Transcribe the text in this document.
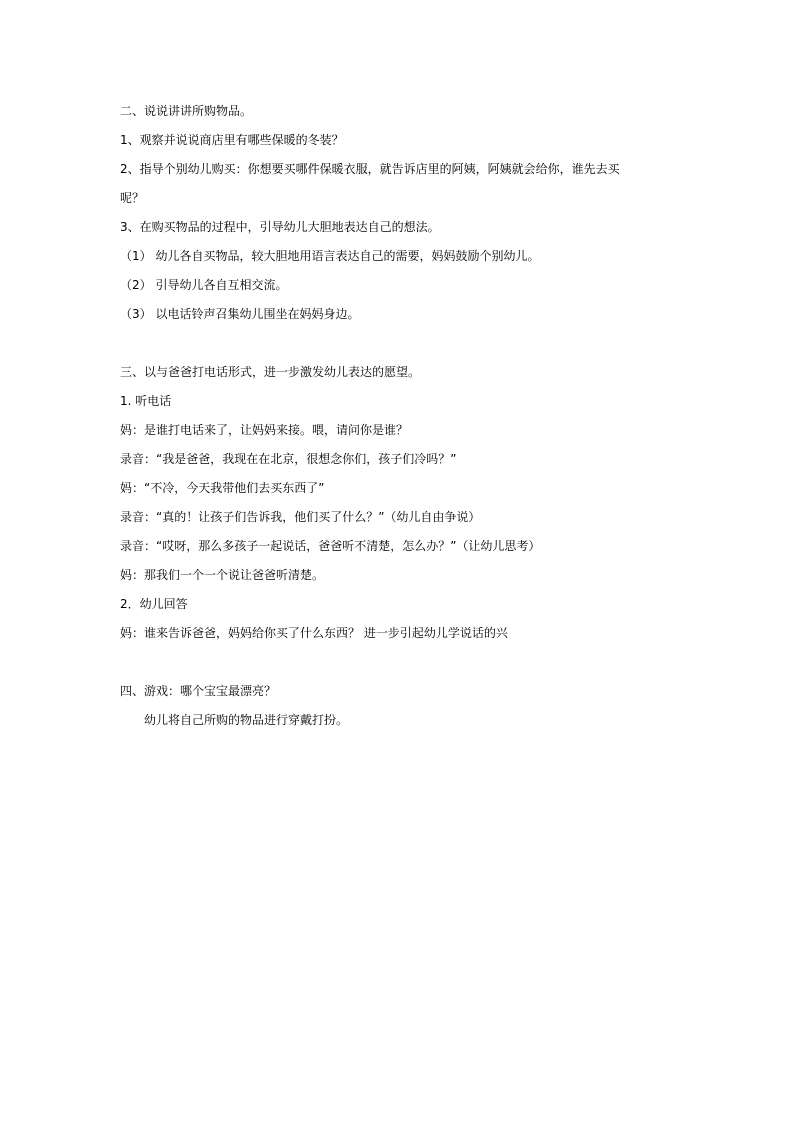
二、说说讲讲所购物品。
1、观察并说说商店里有哪些保暖的冬装？
2、指导个别幼儿购买：你想要买哪件保暖衣服，就告诉店里的阿姨，阿姨就会给你，谁先去买
呢？
3、在购买物品的过程中，引导幼儿大胆地表达自己的想法。
（1） 幼儿各自买物品，较大胆地用语言表达自己的需要，妈妈鼓励个别幼儿。
（2） 引导幼儿各自互相交流。
（3） 以电话铃声召集幼儿围坐在妈妈身边。
三、以与爸爸打电话形式，进一步激发幼儿表达的愿望。
1. 听电话
妈：是谁打电话来了，让妈妈来接。喂，请问你是谁？
录音：“我是爸爸，我现在在北京，很想念你们，孩子们冷吗？”
妈：“不冷，今天我带他们去买东西了”
录音：“真的！让孩子们告诉我，他们买了什么？”（幼儿自由争说）
录音：“哎呀，那么多孩子一起说话，爸爸听不清楚，怎么办？”（让幼儿思考）
妈：那我们一个一个说让爸爸听清楚。
2．幼儿回答
妈：谁来告诉爸爸，妈妈给你买了什么东西？ 进一步引起幼儿学说话的兴
四、游戏：哪个宝宝最漂亮？
幼儿将自己所购的物品进行穿戴打扮。
